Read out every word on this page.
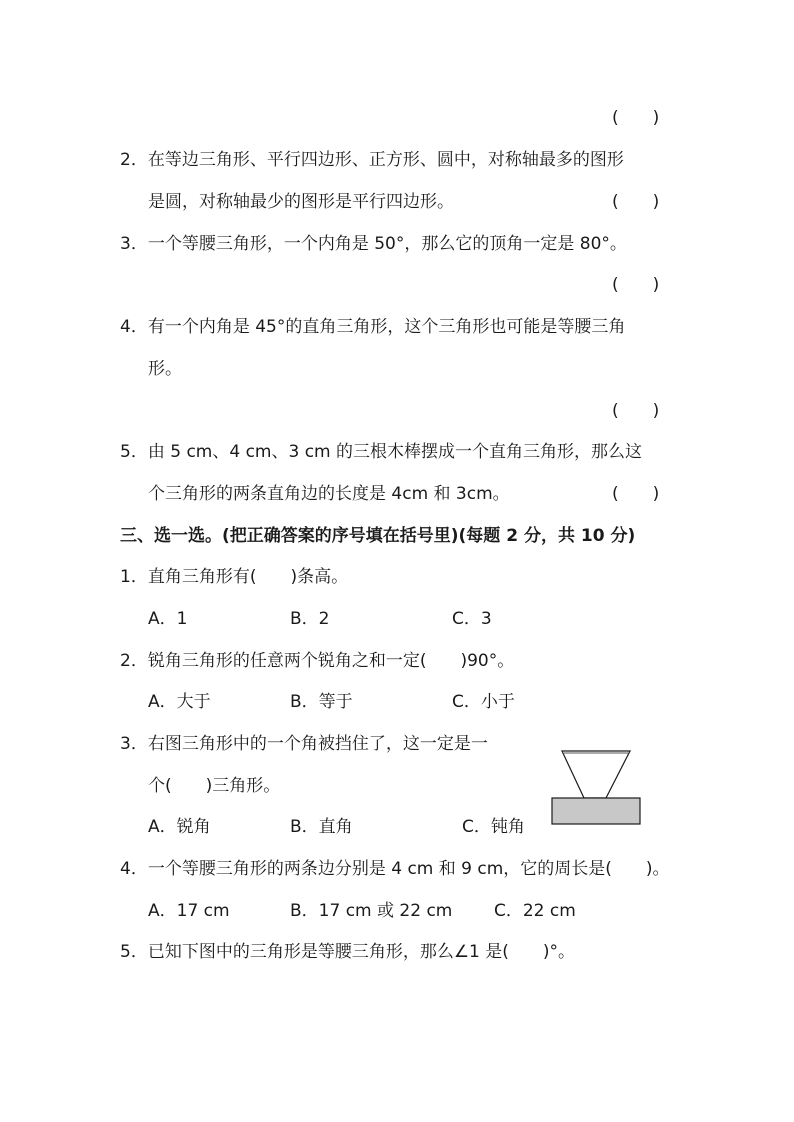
(　　)
2．在等边三角形、平行四边形、正方形、圆中，对称轴最多的图形
是圆，对称轴最少的图形是平行四边形。	(　　)
3．一个等腰三角形，一个内角是 50°，那么它的顶角一定是 80°。
(　　)
4．有一个内角是 45°的直角三角形，这个三角形也可能是等腰三角
形。
(　　)
5．由 5 cm、4 cm、3 cm 的三根木棒摆成一个直角三角形，那么这
个三角形的两条直角边的长度是 4cm 和 3cm。	(　　)
三、选一选。(把正确答案的序号填在括号里)(每题 2 分，共 10 分)
1．直角三角形有(　　)条高。
A．1	B．2	C．3
2．锐角三角形的任意两个锐角之和一定(　　)90°。
A．大于	B．等于	C．小于
3．右图三角形中的一个角被挡住了，这一定是一
个(　　)三角形。
A．锐角	B．直角	C．钝角
4．一个等腰三角形的两条边分别是 4 cm 和 9 cm，它的周长是(　　)。
A．17 cm	B．17 cm 或 22 cm C．22 cm
5．已知下图中的三角形是等腰三角形，那么∠1 是(　　)°。
